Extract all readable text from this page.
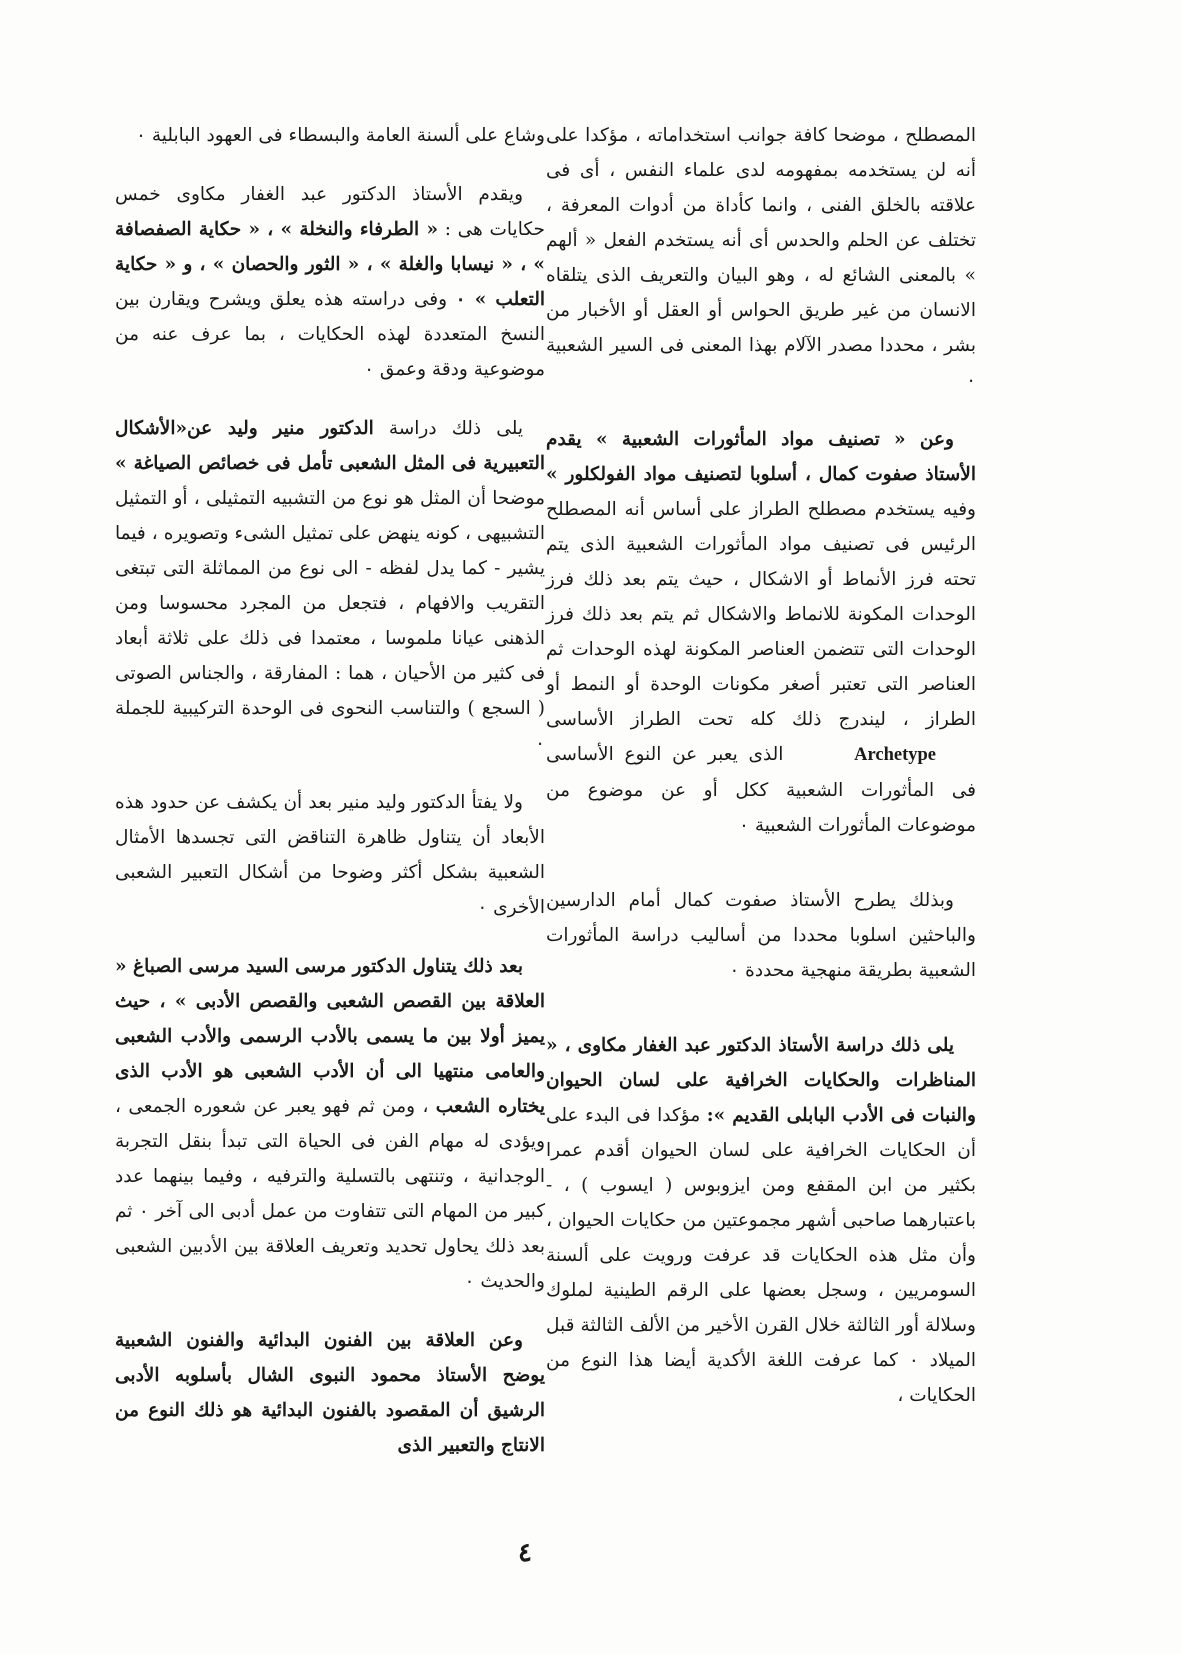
المصطلح ، موضحا كافة جوانب استخداماته ، مؤكدا على أنه لن يستخدمه بمفهومه لدى علماء النفس ، أى فى علاقته بالخلق الفنى ، وانما كأداة من أدوات المعرفة ، تختلف عن الحلم والحدس أى أنه يستخدم الفعل « ألهم » بالمعنى الشائع له ، وهو البيان والتعريف الذى يتلقاه الانسان من غير طريق الحواس أو العقل أو الأخبار من بشر ، محددا مصدر الآلام بهذا المعنى فى السير الشعبية ٠

وعن « تصنيف مواد المأثورات الشعبية » يقدم الأستاذ صفوت كمال ، أسلوبا لتصنيف مواد الفولكلور » وفيه يستخدم مصطلح الطراز على أساس أنه المصطلح الرئيس فى تصنيف مواد المأثورات الشعبية الذى يتم تحته فرز الأنماط أو الاشكال ، حيث يتم بعد ذلك فرز الوحدات المكونة للانماط والاشكال ثم يتم بعد ذلك فرز الوحدات التى تتضمن العناصر المكونة لهذه الوحدات ثم العناصر التى تعتبر أصغر مكونات الوحدة أو النمط أو الطراز ، ليندرج ذلك كله تحت الطراز الأساسى Archetype الذى يعبر عن النوع الأساسى فى المأثورات الشعبية ككل أو عن موضوع من موضوعات المأثورات الشعبية ٠

وبذلك يطرح الأستاذ صفوت كمال أمام الدارسين والباحثين اسلوبا محددا من أساليب دراسة المأثورات الشعبية بطريقة منهجية محددة ٠

يلى ذلك دراسة الأستاذ الدكتور عبد الغفار مكاوى ، « المناظرات والحكايات الخرافية على لسان الحيوان والنبات فى الأدب البابلى القديم »: مؤكدا فى البدء على أن الحكايات الخرافية على لسان الحيوان أقدم عمرا بكثير من ابن المقفع ومن ايزوبوس ( ايسوب ) ، - باعتبارهما صاحبى أشهر مجموعتين من حكايات الحيوان ، وأن مثل هذه الحكايات قد عرفت ورويت على ألسنة السومريين ، وسجل بعضها على الرقم الطينية لملوك وسلالة أور الثالثة خلال القرن الأخير من الألف الثالثة قبل الميلاد ٠ كما عرفت اللغة الأكدية أيضا هذا النوع من الحكايات ،

وشاع على ألسنة العامة والبسطاء فى العهود البابلية ٠

ويقدم الأستاذ الدكتور عبد الغفار مكاوى خمس حكايات هى : « الطرفاء والنخلة » ، « حكاية الصفصافة » ، « نيسابا والغلة » ، « الثور والحصان » ، و « حكاية التعلب » ٠ وفى دراسته هذه يعلق ويشرح ويقارن بين النسخ المتعددة لهذه الحكايات ، بما عرف عنه من موضوعية ودقة وعمق ٠

يلى ذلك دراسة الدكتور منير وليد عن«الأشكال التعبيرية فى المثل الشعبى تأمل فى خصائص الصياغة » موضحا أن المثل هو نوع من التشبيه التمثيلى ، أو التمثيل التشبيهى ، كونه ينهض على تمثيل الشىء وتصويره ، فيما يشير - كما يدل لفظه - الى نوع من المماثلة التى تبتغى التقريب والافهام ، فتجعل من المجرد محسوسا ومن الذهنى عيانا ملموسا ، معتمدا فى ذلك على ثلاثة أبعاد فى كثير من الأحيان ، هما : المفارقة ، والجناس الصوتى ( السجع ) والتناسب النحوى فى الوحدة التركيبية للجملة ٠

ولا يفتأ الدكتور وليد منير بعد أن يكشف عن حدود هذه الأبعاد أن يتناول ظاهرة التناقض التى تجسدها الأمثال الشعبية بشكل أكثر وضوحا من أشكال التعبير الشعبى الأخرى ٠

بعد ذلك يتناول الدكتور مرسى السيد مرسى الصباغ « العلاقة بين القصص الشعبى والقصص الأدبى » ، حيث يميز أولا بين ما يسمى بالأدب الرسمى والأدب الشعبى والعامى منتهيا الى أن الأدب الشعبى هو الأدب الذى يختاره الشعب ، ومن ثم فهو يعبر عن شعوره الجمعى ، ويؤدى له مهام الفن فى الحياة التى تبدأ بنقل التجربة الوجدانية ، وتنتهى بالتسلية والترفيه ، وفيما بينهما عدد كبير من المهام التى تتفاوت من عمل أدبى الى آخر ٠ ثم بعد ذلك يحاول تحديد وتعريف العلاقة بين الأدبين الشعبى والحديث ٠

وعن العلاقة بين الفنون البدائية والفنون الشعبية يوضح الأستاذ محمود النبوى الشال بأسلوبه الأدبى الرشيق أن المقصود بالفنون البدائية هو ذلك النوع من الانتاج والتعبير الذى

٤
